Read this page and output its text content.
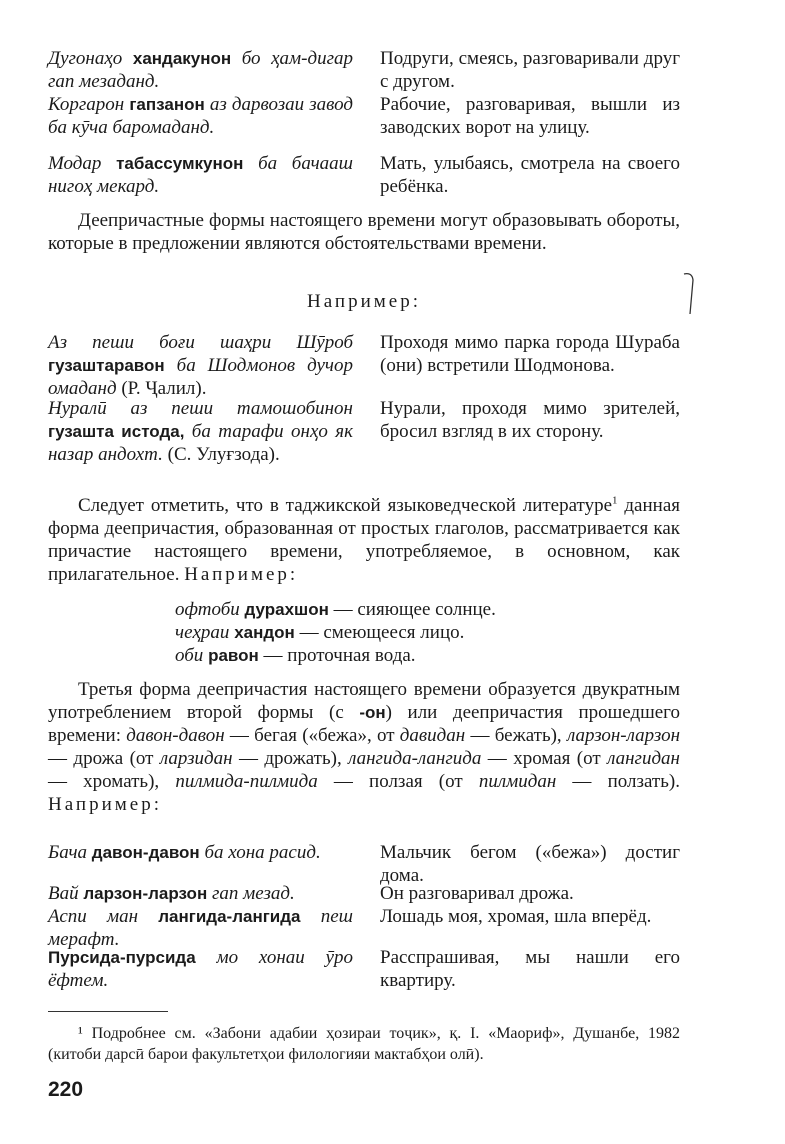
Дугонаҳо хандакунон бо ҳам-дигар гап мезаданд.
Подруги, смеясь, разговаривали друг с другом.
Коргарон гапзанон аз дарвозаи завод ба кӯча баромаданд.
Рабочие, разговаривая, вышли из заводских ворот на улицу.
Модар табассумкунон ба бачааш нигоҳ мекард.
Мать, улыбаясь, смотрела на своего ребёнка.
Деепричастные формы настоящего времени могут образовывать обороты, которые в предложении являются обстоятельствами времени.
Например:
Аз пеши боғи шаҳри Шӯроб гузаштаравон ба Шодмонов дучор омаданд (Р. Ҷалил).
Проходя мимо парка города Шураба (они) встретили Шодмонова.
Нуралӣ аз пеши тамошобинон гузашта истода, ба тарафи онҳо як назар андохт. (С. Улуғзода).
Нурали, проходя мимо зрителей, бросил взгляд в их сторону.
Следует отметить, что в таджикской языковедческой литературе$^1$ данная форма деепричастия, образованная от простых глаголов, рассматривается как причастие настоящего времени, употребляемое, в основном, как прилагательное. Например:
офтоби дурахшон — сияющее солнце.
чеҳраи хандон — смеющееся лицо.
оби равон — проточная вода.
Третья форма деепричастия настоящего времени образуется двукратным употреблением второй формы (с -он) или деепричастия прошедшего времени: давон-давон — бегая («бежа», от давидан — бежать), ларзон-ларзон — дрожа (от ларзидан — дрожать), лангида-лангида — хромая (от лангидан — хромать), пилмида-пилмида — ползая (от пилмидан — ползать). Например:
Бача давон-давон ба хона расид.	Мальчик бегом («бежа») достиг дома.
Вай ларзон-ларзон гап мезад.	Он разговаривал дрожа.
Аспи ман лангида-лангида пеш мерафт.
Лошадь моя, хромая, шла вперёд.
Пурсида-пурсида мо хонаи ӯро ёфтем.
Расспрашивая, мы нашли его квартиру.
¹ Подробнее см. «Забони адабии ҳозираи тоҷик», қ. I. «Маориф», Душанбе, 1982 (китоби дарсӣ барои факультетҳои филологияи мактабҳои олӣ).
220
